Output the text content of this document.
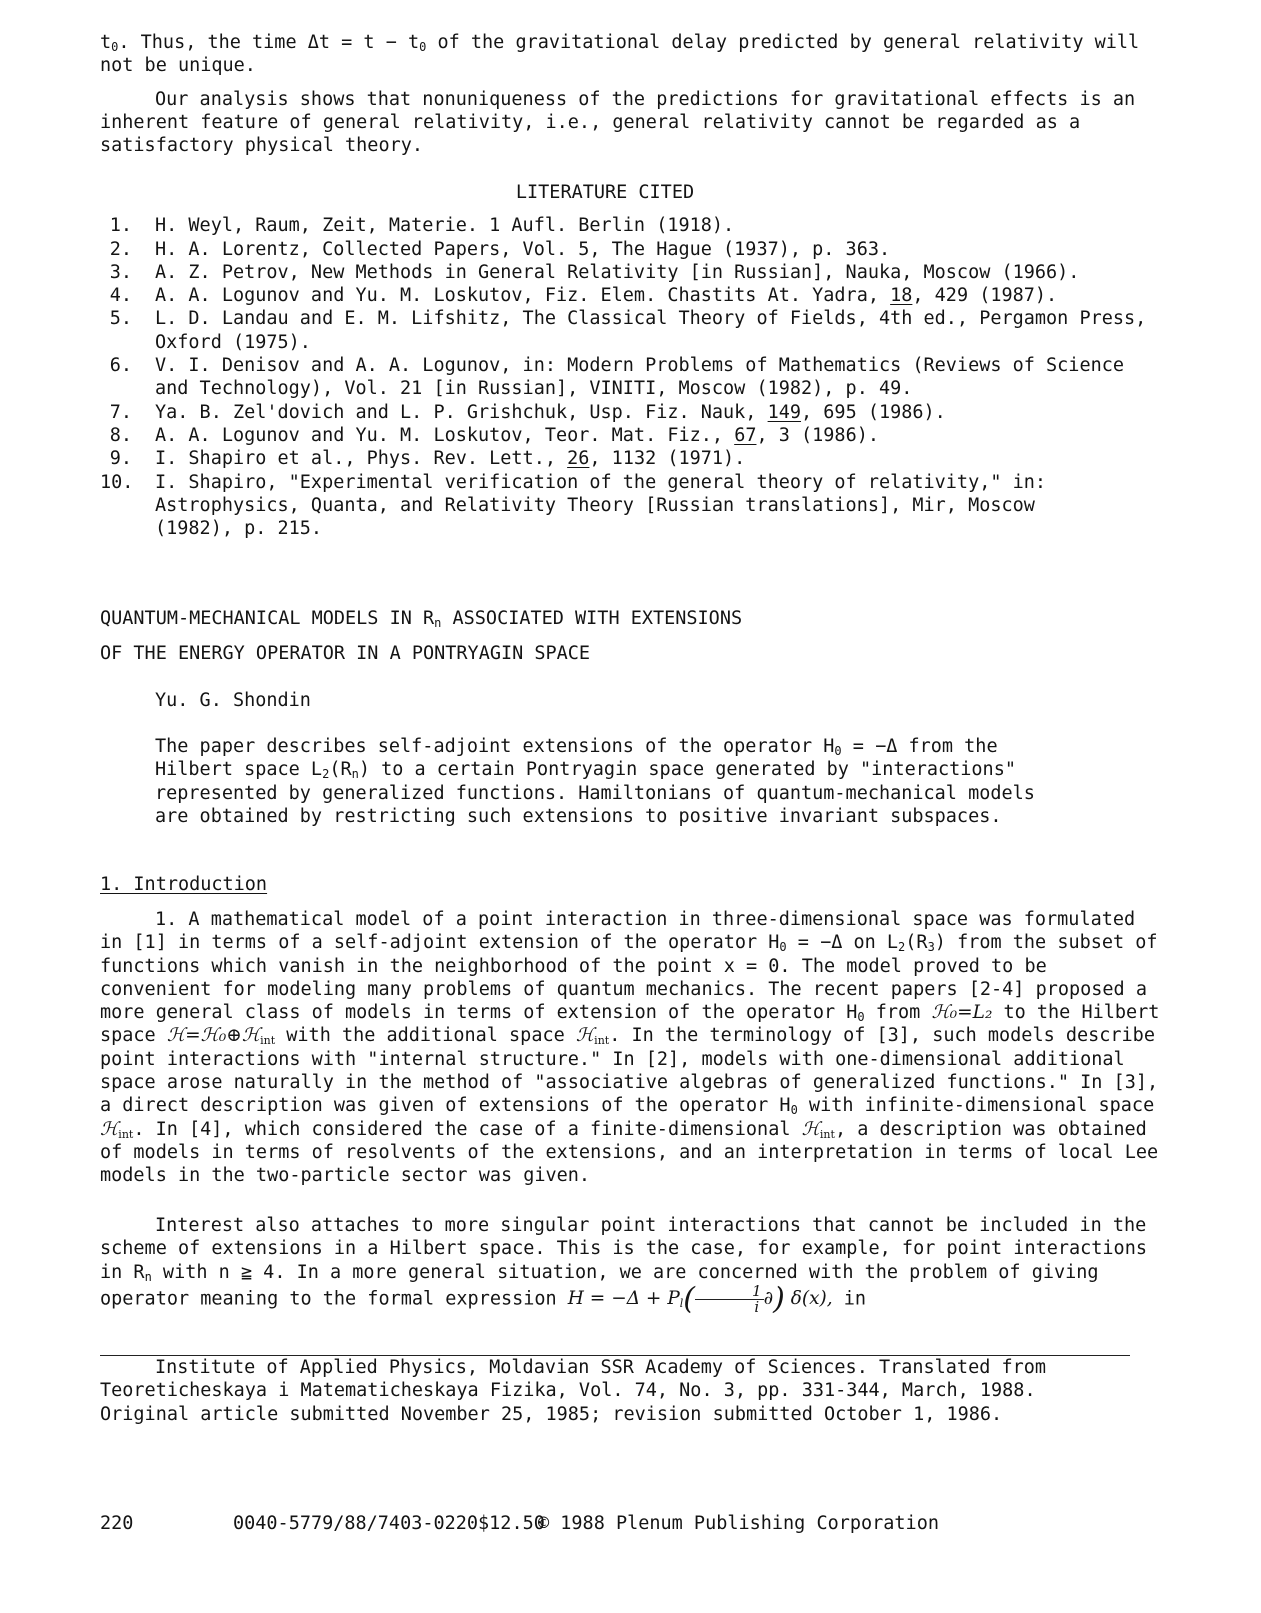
$t_0$. Thus, the time $\Delta t = t - t_0$ of the gravitational delay predicted by general relativity will not be unique.

Our analysis shows that nonuniqueness of the predictions for gravitational effects is an inherent feature of general relativity, i.e., general relativity cannot be regarded as a satisfactory physical theory.

LITERATURE CITED

1. H. Weyl, Raum, Zeit, Materie. 1 Aufl. Berlin (1918).
2. H. A. Lorentz, Collected Papers, Vol. 5, The Hague (1937), p. 363.
3. A. Z. Petrov, New Methods in General Relativity [in Russian], Nauka, Moscow (1966).
4. A. A. Logunov and Yu. M. Loskutov, Fiz. Elem. Chastits At. Yadra, 18, 429 (1987).
5. L. D. Landau and E. M. Lifshitz, The Classical Theory of Fields, 4th ed., Pergamon Press, Oxford (1975).
6. V. I. Denisov and A. A. Logunov, in: Modern Problems of Mathematics (Reviews of Science and Technology), Vol. 21 [in Russian], VINITI, Moscow (1982), p. 49.
7. Ya. B. Zel'dovich and L. P. Grishchuk, Usp. Fiz. Nauk, 149, 695 (1986).
8. A. A. Logunov and Yu. M. Loskutov, Teor. Mat. Fiz., 67, 3 (1986).
9. I. Shapiro et al., Phys. Rev. Lett., 26, 1132 (1971).
10. I. Shapiro, "Experimental verification of the general theory of relativity," in: Astrophysics, Quanta, and Relativity Theory [Russian translations], Mir, Moscow (1982), p. 215.

QUANTUM-MECHANICAL MODELS IN $R_n$ ASSOCIATED WITH EXTENSIONS

OF THE ENERGY OPERATOR IN A PONTRYAGIN SPACE

Yu. G. Shondin

The paper describes self-adjoint extensions of the operator $H_0 = -\Delta$ from the Hilbert space $L_2(R_n)$ to a certain Pontryagin space generated by "interactions" represented by generalized functions. Hamiltonians of quantum-mechanical models are obtained by restricting such extensions to positive invariant subspaces.

1. Introduction

1. A mathematical model of a point interaction in three-dimensional space was formulated in [1] in terms of a self-adjoint extension of the operator $H_0 = -\Delta$ on $L_2(R_3)$ from the subset of functions which vanish in the neighborhood of the point x = 0. The model proved to be convenient for modeling many problems of quantum mechanics. The recent papers [2-4] proposed a more general class of models in terms of extension of the operator $H_0$ from ℋ₀=L₂ to the Hilbert space ℋ=ℋ₀⊕ℋ$_{int}$ with the additional space ℋ$_{int}$. In the terminology of [3], such models describe point interactions with "internal structure." In [2], models with one-dimensional additional space arose naturally in the method of "associative algebras of generalized functions." In [3], a direct description was given of extensions of the operator $H_0$ with infinite-dimensional space ℋ$_{int}$. In [4], which considered the case of a finite-dimensional ℋ$_{int}$, a description was obtained of models in terms of resolvents of the extensions, and an interpretation in terms of local Lee models in the two-particle sector was given.

Interest also attaches to more singular point interactions that cannot be included in the scheme of extensions in a Hilbert space. This is the case, for example, for point interactions in $R_n$ with n ≧ 4. In a more general situation, we are concerned with the problem of giving operator meaning to the formal expression $H = -\Delta + P_l( \frac{1}{i}$ ∂) δ(x), in

Institute of Applied Physics, Moldavian SSR Academy of Sciences. Translated from

Teoreticheskaya i Matematicheskaya Fizika, Vol. 74, No. 3, pp. 331-344, March, 1988.

Original article submitted November 25, 1985; revision submitted October 1, 1986.

220	0040-5779/88/7403-0220$12.50
© 1988 Plenum Publishing Corporation
